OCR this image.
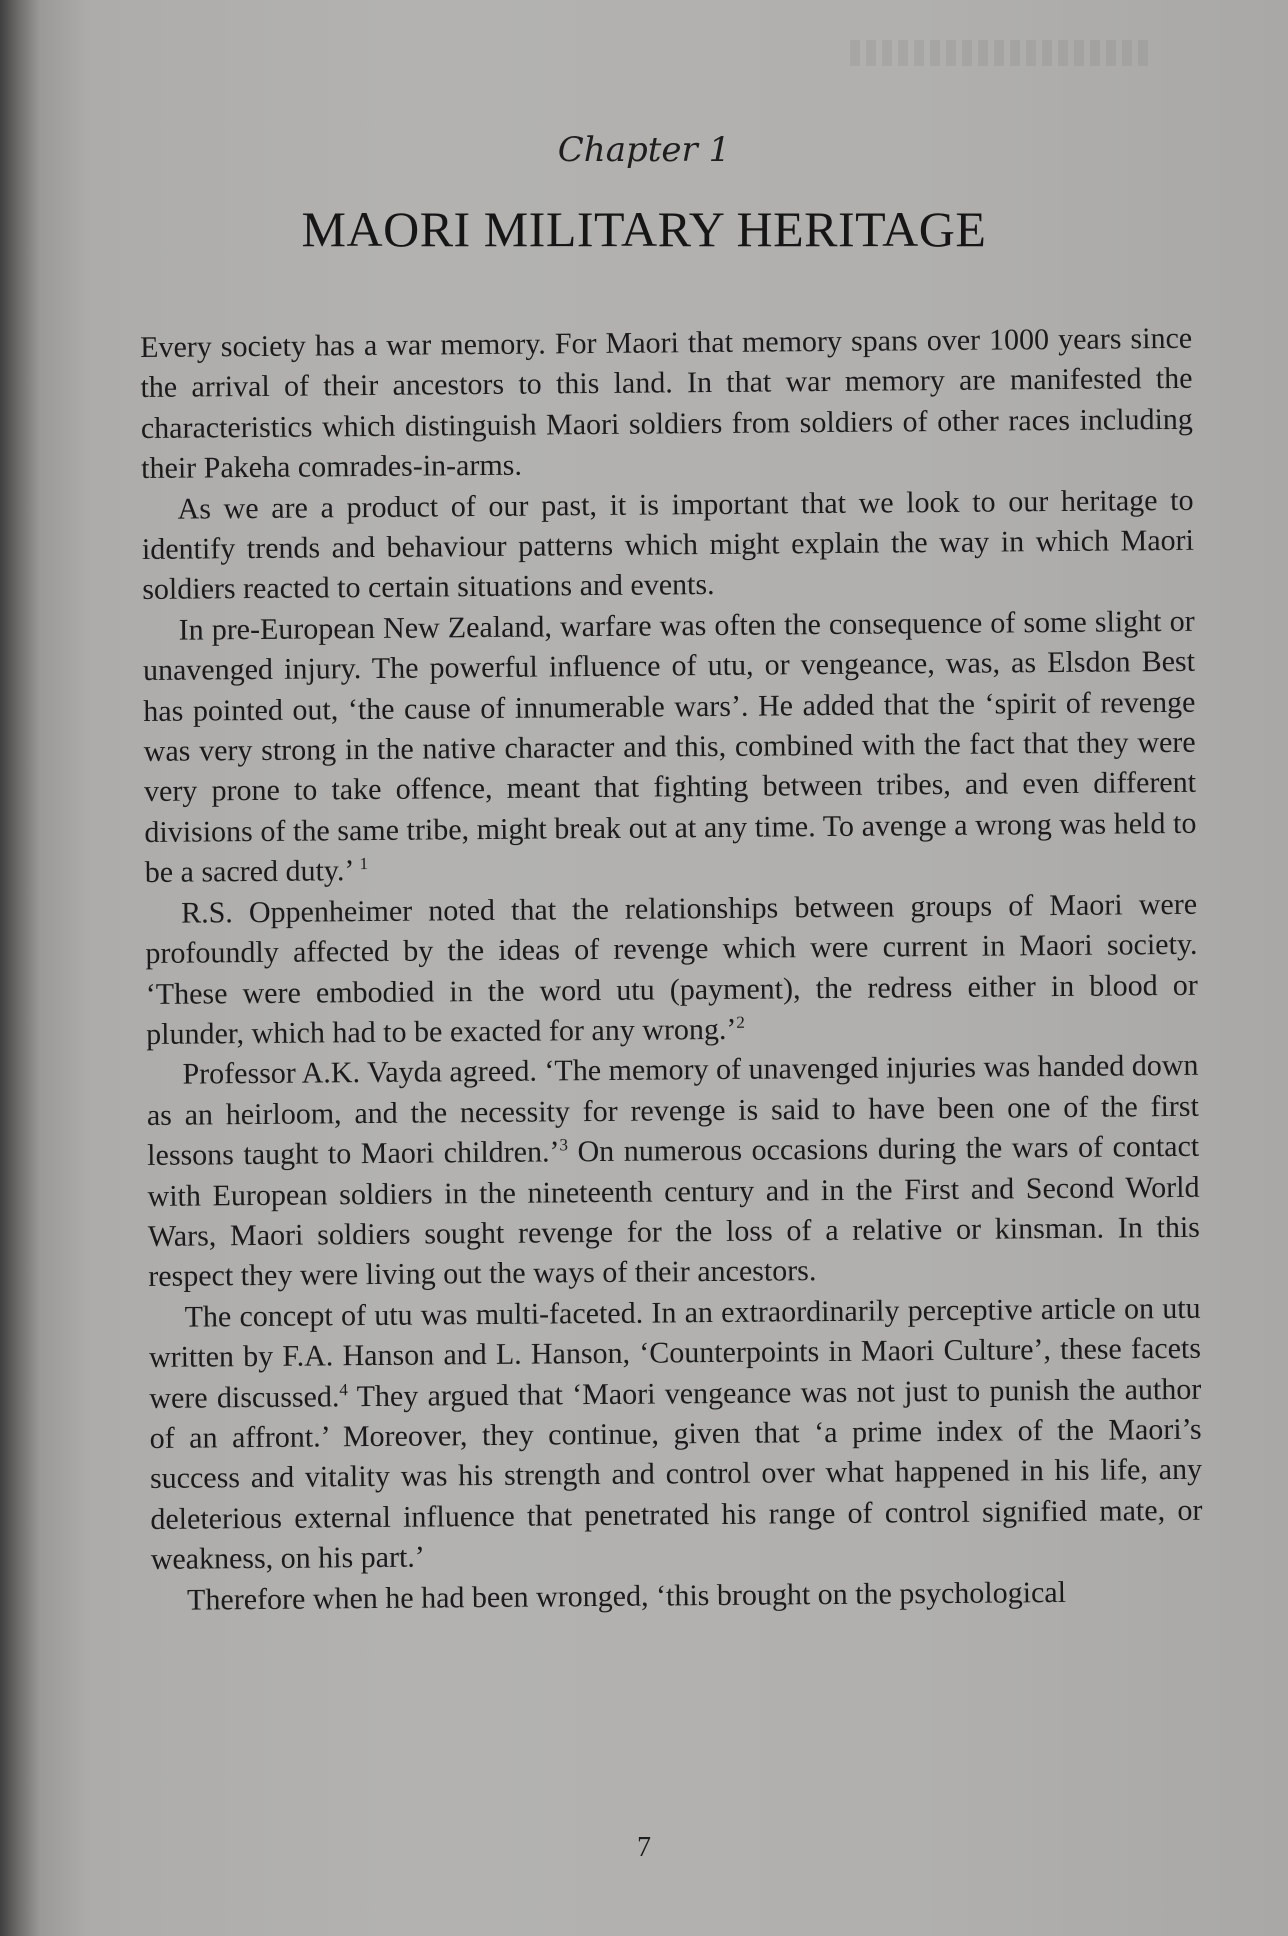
Chapter 1
MAORI MILITARY HERITAGE

Every society has a war memory. For Maori that memory spans over 1000 years since the arrival of their ancestors to this land. In that war memory are manifested the characteristics which distinguish Maori soldiers from soldiers of other races including their Pakeha comrades-in-arms.

As we are a product of our past, it is important that we look to our heritage to identify trends and behaviour patterns which might explain the way in which Maori soldiers reacted to certain situations and events.

In pre-European New Zealand, warfare was often the consequence of some slight or unavenged injury. The powerful influence of utu, or vengeance, was, as Elsdon Best has pointed out, ‘the cause of innumerable wars’. He added that the ‘spirit of revenge was very strong in the native character and this, combined with the fact that they were very prone to take offence, meant that fighting between tribes, and even different divisions of the same tribe, might break out at any time. To avenge a wrong was held to be a sacred duty.’ $^1$

R.S. Oppenheimer noted that the relationships between groups of Maori were profoundly affected by the ideas of revenge which were current in Maori society. ‘These were embodied in the word utu (payment), the redress either in blood or plunder, which had to be exacted for any wrong.’$^2$

Professor A.K. Vayda agreed. ‘The memory of unavenged injuries was handed down as an heirloom, and the necessity for revenge is said to have been one of the first lessons taught to Maori children.’$^3$ On numerous occasions during the wars of contact with European soldiers in the nineteenth century and in the First and Second World Wars, Maori soldiers sought revenge for the loss of a relative or kinsman. In this respect they were living out the ways of their ancestors.

The concept of utu was multi-faceted. In an extraordinarily perceptive article on utu written by F.A. Hanson and L. Hanson, ‘Counterpoints in Maori Culture’, these facets were discussed.$^4$ They argued that ‘Maori vengeance was not just to punish the author of an affront.’ Moreover, they continue, given that ‘a prime index of the Maori’s success and vitality was his strength and control over what happened in his life, any deleterious external influence that penetrated his range of control signified mate, or weakness, on his part.’

Therefore when he had been wronged, ‘this brought on the psychological

7
